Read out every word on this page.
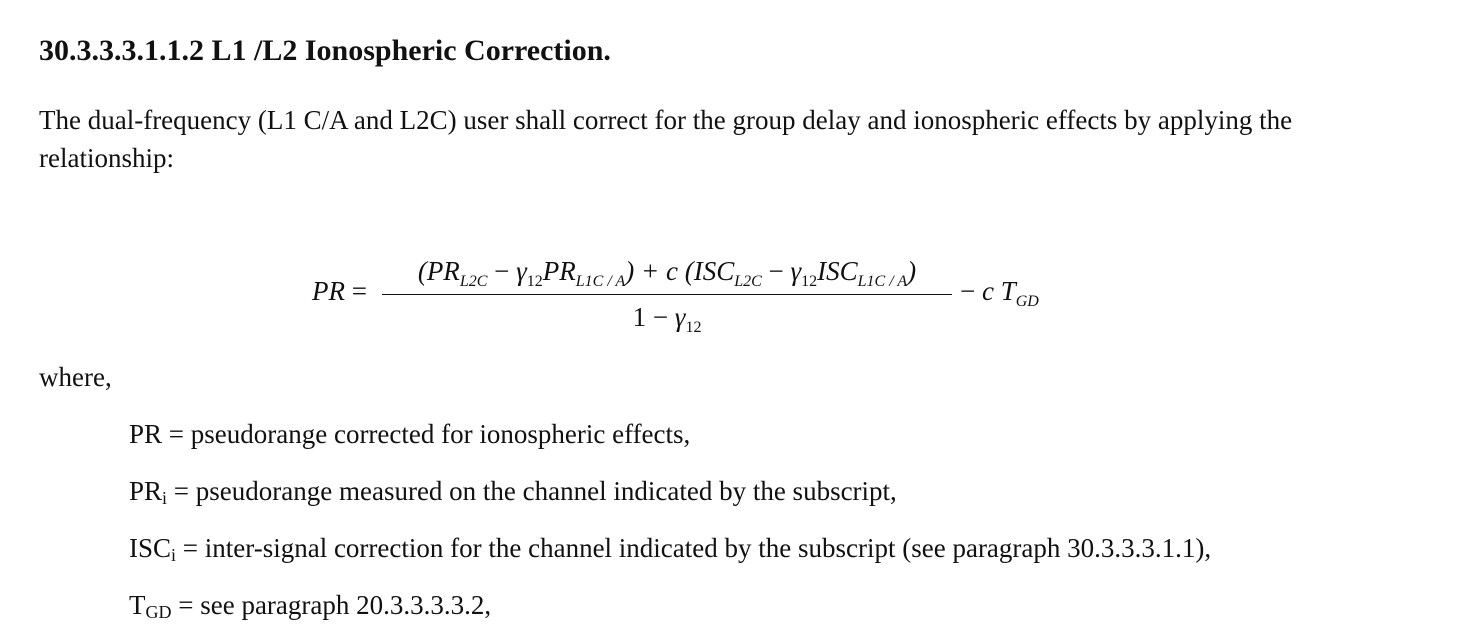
30.3.3.3.1.1.2 L1 /L2 Ionospheric Correction.

The dual-frequency (L1 C/A and L2C) user shall correct for the group delay and ionospheric effects by applying the relationship:

PR =
$(PR_{L2C} - \gamma_{12}PR_{L1C / A}) + c$ $(ISC_{L2C} - \gamma_{12}ISC_{L1C / A})$
$1 - \gamma_{12}$
− c $T_{GD}$

where,

PR = pseudorange corrected for ionospheric effects,

$PR_i$ = pseudorange measured on the channel indicated by the subscript,

$ISC_i$ = inter-signal correction for the channel indicated by the subscript (see paragraph 30.3.3.3.1.1),

$T_{GD}$ = see paragraph 20.3.3.3.3.2,
